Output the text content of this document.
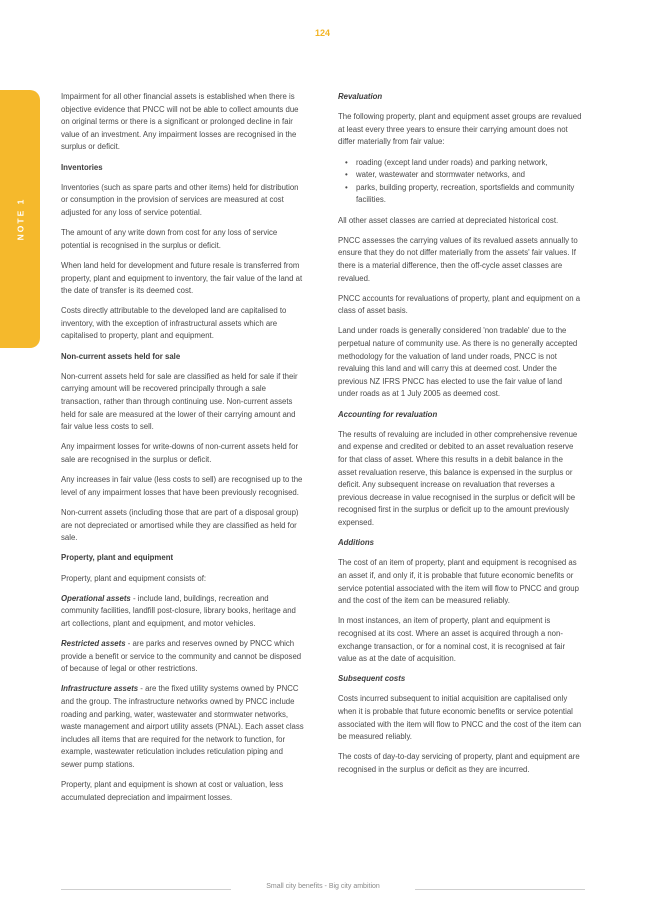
124
NOTE 1

Impairment for all other financial assets is established when there is objective evidence that PNCC will not be able to collect amounts due on original terms or there is a significant or prolonged decline in fair value of an investment. Any impairment losses are recognised in the surplus or deficit.

Inventories

Inventories (such as spare parts and other items) held for distribution or consumption in the provision of services are measured at cost adjusted for any loss of service potential.

The amount of any write down from cost for any loss of service potential is recognised in the surplus or deficit.

When land held for development and future resale is transferred from property, plant and equipment to inventory, the fair value of the land at the date of transfer is its deemed cost.

Costs directly attributable to the developed land are capitalised to inventory, with the exception of infrastructural assets which are capitalised to property, plant and equipment.

Non-current assets held for sale

Non-current assets held for sale are classified as held for sale if their carrying amount will be recovered principally through a sale transaction, rather than through continuing use. Non-current assets held for sale are measured at the lower of their carrying amount and fair value less costs to sell.

Any impairment losses for write-downs of non-current assets held for sale are recognised in the surplus or deficit.

Any increases in fair value (less costs to sell) are recognised up to the level of any impairment losses that have been previously recognised.

Non-current assets (including those that are part of a disposal group) are not depreciated or amortised while they are classified as held for sale.

Property, plant and equipment

Property, plant and equipment consists of:

Operational assets - include land, buildings, recreation and community facilities, landfill post-closure, library books, heritage and art collections, plant and equipment, and motor vehicles.

Restricted assets - are parks and reserves owned by PNCC which provide a benefit or service to the community and cannot be disposed of because of legal or other restrictions.

Infrastructure assets - are the fixed utility systems owned by PNCC and the group. The infrastructure networks owned by PNCC include roading and parking, water, wastewater and stormwater networks, waste management and airport utility assets (PNAL). Each asset class includes all items that are required for the network to function, for example, wastewater reticulation includes reticulation piping and sewer pump stations.

Property, plant and equipment is shown at cost or valuation, less accumulated depreciation and impairment losses.

Revaluation

The following property, plant and equipment asset groups are revalued at least every three years to ensure their carrying amount does not differ materially from fair value:

• roading (except land under roads) and parking network,
• water, wastewater and stormwater networks, and
• parks, building property, recreation, sportsfields and community facilities.

All other asset classes are carried at depreciated historical cost.

PNCC assesses the carrying values of its revalued assets annually to ensure that they do not differ materially from the assets' fair values. If there is a material difference, then the off-cycle asset classes are revalued.

PNCC accounts for revaluations of property, plant and equipment on a class of asset basis.

Land under roads is generally considered 'non tradable' due to the perpetual nature of community use. As there is no generally accepted methodology for the valuation of land under roads, PNCC is not revaluing this land and will carry this at deemed cost. Under the previous NZ IFRS PNCC has elected to use the fair value of land under roads as at 1 July 2005 as deemed cost.

Accounting for revaluation

The results of revaluing are included in other comprehensive revenue and expense and credited or debited to an asset revaluation reserve for that class of asset. Where this results in a debit balance in the asset revaluation reserve, this balance is expensed in the surplus or deficit. Any subsequent increase on revaluation that reverses a previous decrease in value recognised in the surplus or deficit will be recognised first in the surplus or deficit up to the amount previously expensed.

Additions

The cost of an item of property, plant and equipment is recognised as an asset if, and only if, it is probable that future economic benefits or service potential associated with the item will flow to PNCC and group and the cost of the item can be measured reliably.

In most instances, an item of property, plant and equipment is recognised at its cost. Where an asset is acquired through a non-exchange transaction, or for a nominal cost, it is recognised at fair value as at the date of acquisition.

Subsequent costs

Costs incurred subsequent to initial acquisition are capitalised only when it is probable that future economic benefits or service potential associated with the item will flow to PNCC and the cost of the item can be measured reliably.

The costs of day-to-day servicing of property, plant and equipment are recognised in the surplus or deficit as they are incurred.

Small city benefits - Big city ambition
